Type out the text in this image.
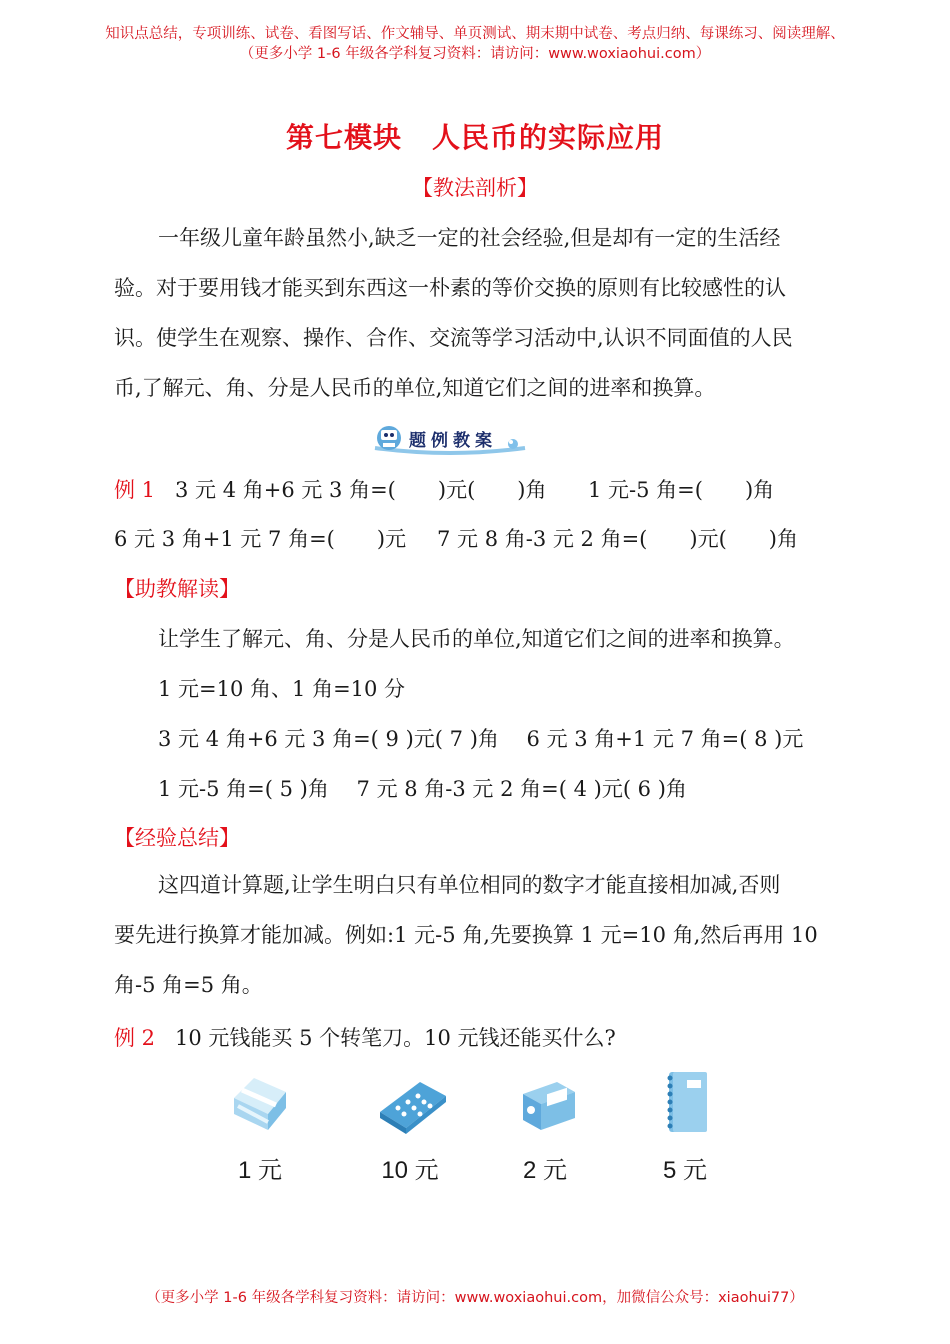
知识点总结，专项训练、试卷、看图写话、作文辅导、单页测试、期末期中试卷、考点归纳、每课练习、阅读理解、
（更多小学 1-6 年级各学科复习资料：请访问：www.woxiaohui.com）
第七模块 人民币的实际应用
【教法剖析】
一年级儿童年龄虽然小,缺乏一定的社会经验,但是却有一定的生活经
验。对于要用钱才能买到东西这一朴素的等价交换的原则有比较感性的认
识。使学生在观察、操作、合作、交流等学习活动中,认识不同面值的人民
币,了解元、角、分是人民币的单位,知道它们之间的进率和换算。
题例教案
例 1 3 元 4 角+6 元 3 角=(　　)元(　　)角 1 元-5 角=(　　)角
6 元 3 角+1 元 7 角=(　　)元 7 元 8 角-3 元 2 角=(　　)元(　　)角
【助教解读】
让学生了解元、角、分是人民币的单位,知道它们之间的进率和换算。
1 元=10 角、1 角=10 分
3 元 4 角+6 元 3 角=( 9 )元( 7 )角　 6 元 3 角+1 元 7 角=( 8 )元
1 元-5 角=( 5 )角　 7 元 8 角-3 元 2 角=( 4 )元( 6 )角
【经验总结】
这四道计算题,让学生明白只有单位相同的数字才能直接相加减,否则
要先进行换算才能加减。例如:1 元-5 角,先要换算 1 元=10 角,然后再用 10
角-5 角=5 角。
例 2 10 元钱能买 5 个转笔刀。10 元钱还能买什么?
1 元	10 元	2 元	5 元
（更多小学 1-6 年级各学科复习资料：请访问：www.woxiaohui.com，加微信公众号：xiaohui77）
